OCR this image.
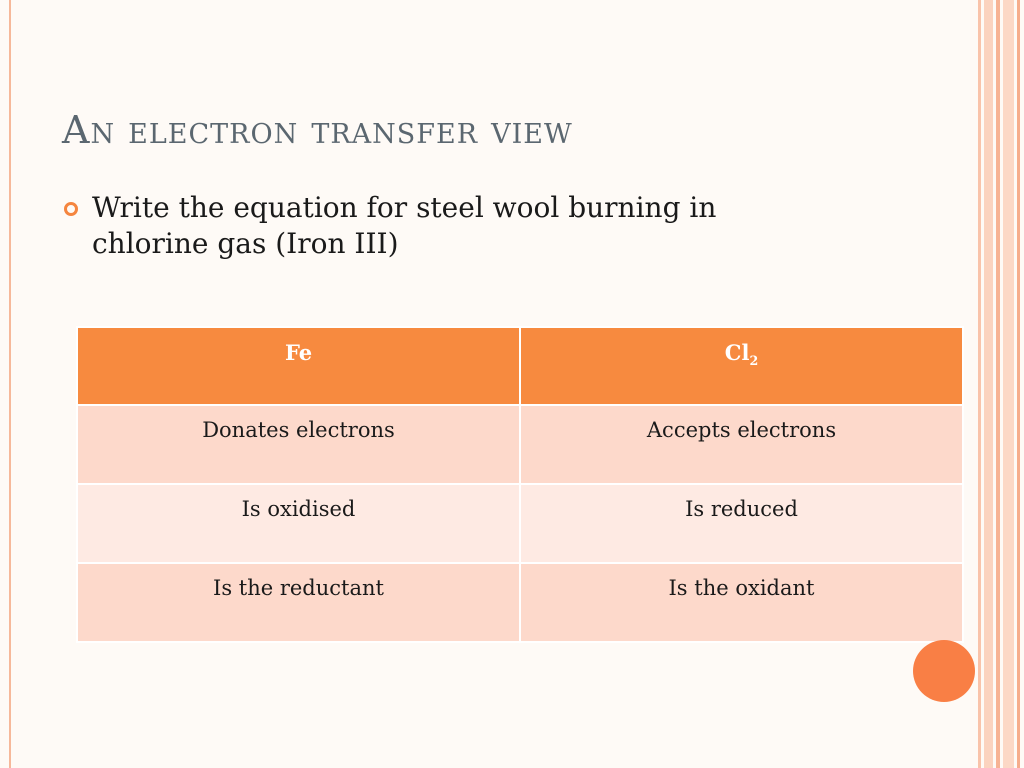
An electron transfer view
Write the equation for steel wool burning in chlorine gas (Iron III)
Fe	$Cl_2$
Donates electrons	Accepts electrons
Is oxidised	Is reduced
Is the reductant	Is the oxidant
